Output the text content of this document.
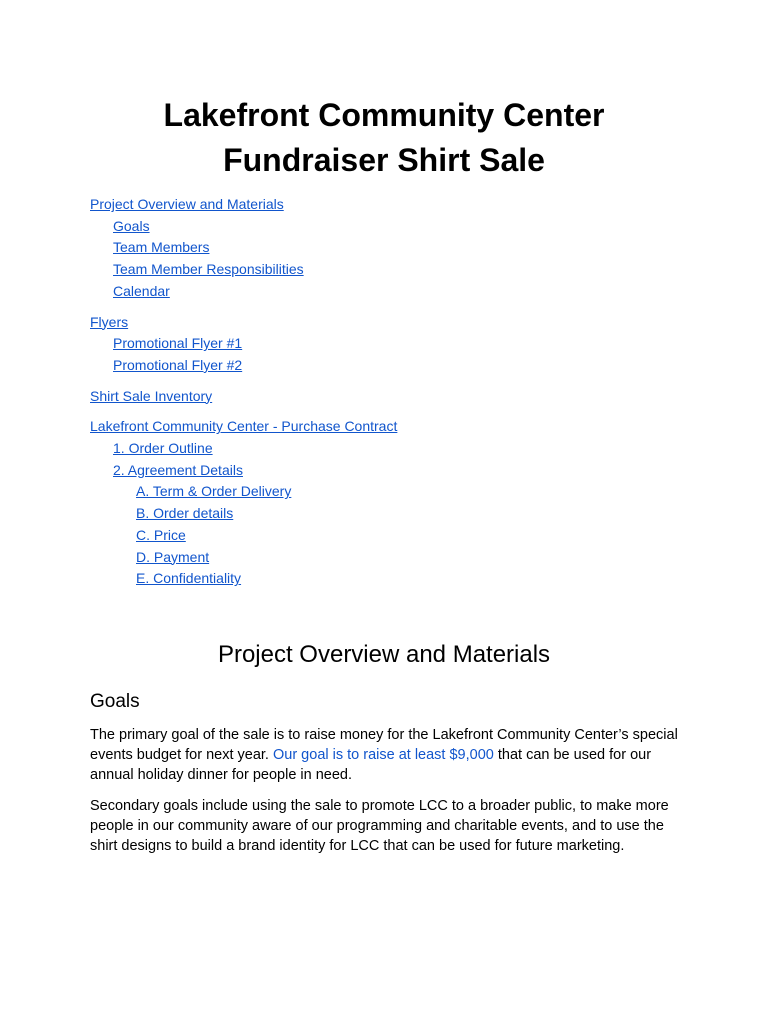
Lakefront Community Center
Fundraiser Shirt Sale
Project Overview and Materials
Goals
Team Members
Team Member Responsibilities
Calendar
Flyers
Promotional Flyer #1
Promotional Flyer #2
Shirt Sale Inventory
Lakefront Community Center - Purchase Contract
1. Order Outline
2. Agreement Details
A. Term & Order Delivery
B. Order details
C. Price
D. Payment
E. Confidentiality
Project Overview and Materials
Goals

The primary goal of the sale is to raise money for the Lakefront Community Center’s special events budget for next year. Our goal is to raise at least $9,000 that can be used for our annual holiday dinner for people in need.

Secondary goals include using the sale to promote LCC to a broader public, to make more people in our community aware of our programming and charitable events, and to use the shirt designs to build a brand identity for LCC that can be used for future marketing.
